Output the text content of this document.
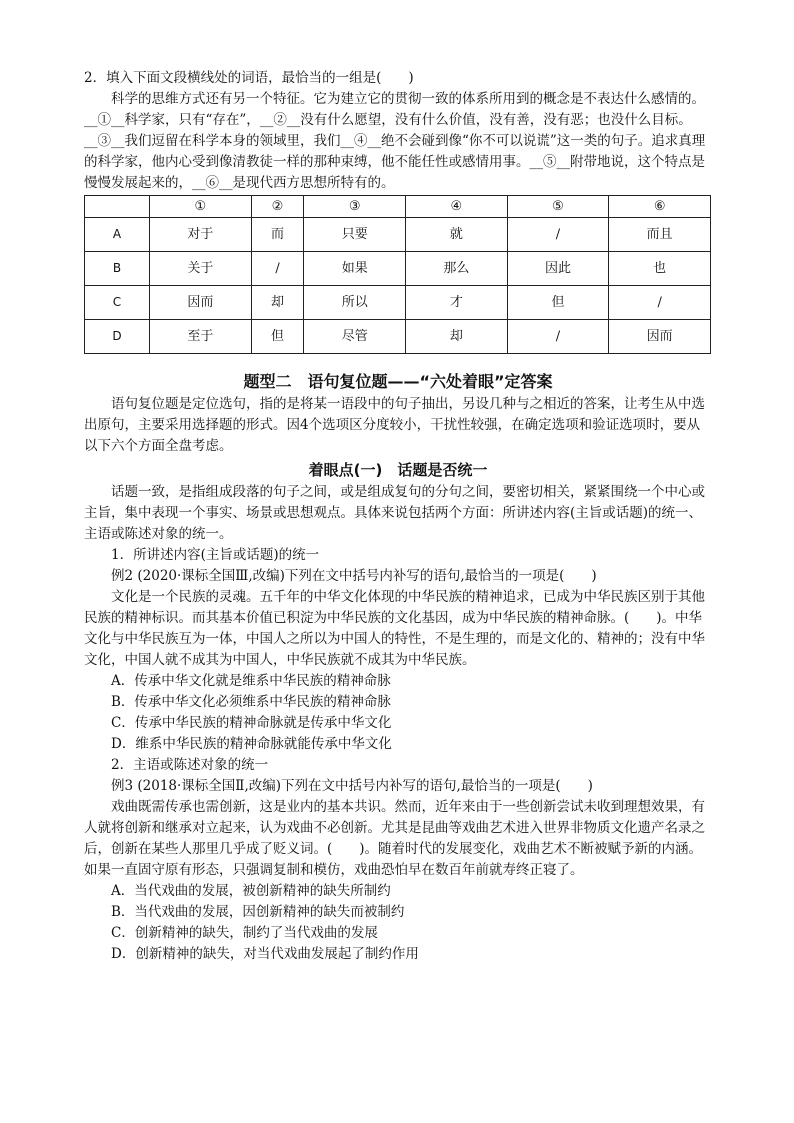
2．填入下面文段横线处的词语，最恰当的一组是(　　)

科学的思维方式还有另一个特征。它为建立它的贯彻一致的体系所用到的概念是不表达什么感情的。__①__科学家，只有“存在”，__②__没有什么愿望，没有什么价值，没有善，没有恶；也没什么目标。__③__我们逗留在科学本身的领域里，我们__④__绝不会碰到像“你不可以说谎”这一类的句子。追求真理的科学家，他内心受到像清教徒一样的那种束缚，他不能任性或感情用事。__⑤__附带地说，这个特点是慢慢发展起来的，__⑥__是现代西方思想所特有的。

	①	②	③	④	⑤	⑥
A	对于	而	只要	就	/	而且
B	关于	/	如果	那么	因此	也
C	因而	却	所以	才	但	/
D	至于	但	尽管	却	/	因而

题型二　语句复位题——“六处着眼”定答案

语句复位题是定位选句，指的是将某一语段中的句子抽出，另设几种与之相近的答案，让考生从中选出原句，主要采用选择题的形式。因4个选项区分度较小，干扰性较强，在确定选项和验证选项时，要从以下六个方面全盘考虑。

着眼点(一)　话题是否统一

话题一致，是指组成段落的句子之间，或是组成复句的分句之间，要密切相关，紧紧围绕一个中心或主旨，集中表现一个事实、场景或思想观点。具体来说包括两个方面：所讲述内容(主旨或话题)的统一、主语或陈述对象的统一。

1．所讲述内容(主旨或话题)的统一

例2 (2020·课标全国Ⅲ,改编)下列在文中括号内补写的语句,最恰当的一项是(　　)

文化是一个民族的灵魂。五千年的中华文化体现的中华民族的精神追求，已成为中华民族区别于其他民族的精神标识。而其基本价值已积淀为中华民族的文化基因，成为中华民族的精神命脉。(　　)。中华文化与中华民族互为一体，中国人之所以为中国人的特性，不是生理的，而是文化的、精神的；没有中华文化，中国人就不成其为中国人，中华民族就不成其为中华民族。

A．传承中华文化就是维系中华民族的精神命脉

B．传承中华文化必须维系中华民族的精神命脉

C．传承中华民族的精神命脉就是传承中华文化

D．维系中华民族的精神命脉就能传承中华文化

2．主语或陈述对象的统一

例3 (2018·课标全国Ⅱ,改编)下列在文中括号内补写的语句,最恰当的一项是(　　)

戏曲既需传承也需创新，这是业内的基本共识。然而，近年来由于一些创新尝试未收到理想效果，有人就将创新和继承对立起来，认为戏曲不必创新。尤其是昆曲等戏曲艺术进入世界非物质文化遗产名录之后，创新在某些人那里几乎成了贬义词。(　　)。随着时代的发展变化，戏曲艺术不断被赋予新的内涵。如果一直固守原有形态，只强调复制和模仿，戏曲恐怕早在数百年前就寿终正寝了。

A．当代戏曲的发展，被创新精神的缺失所制约

B．当代戏曲的发展，因创新精神的缺失而被制约

C．创新精神的缺失，制约了当代戏曲的发展

D．创新精神的缺失，对当代戏曲发展起了制约作用
